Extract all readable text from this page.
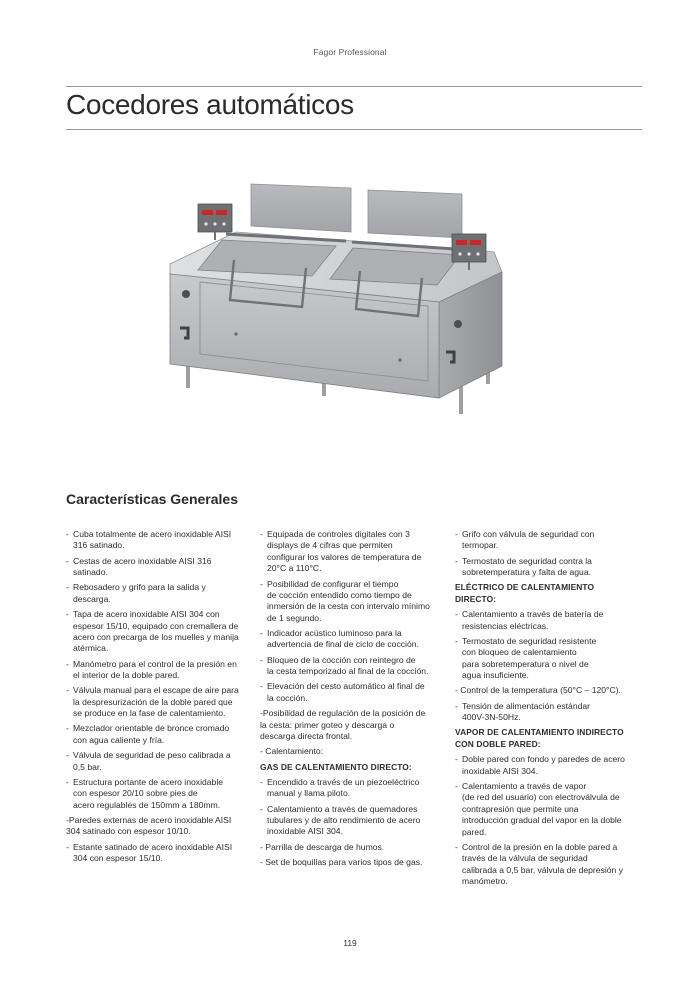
Fagor Professional
Cocedores automáticos
Características Generales
- Cuba totalmente de acero inoxidable AISI
316 satinado.
- Cestas de acero inoxidable AISI 316
satinado.
- Rebosadero y grifo para la salida y
descarga.
- Tapa de acero inoxidable AISI 304 con
espesor 15/10, equipado con cremallera de
acero con precarga de los muelles y manija
atérmica.
- Manómetro para el control de la presión en
el interior de la doble pared.
- Válvula manual para el escape de aire para
la despresurización de la doble pared que
se produce en la fase de calentamiento.
- Mezclador orientable de bronce cromado
con agua caliente y fría.
- Válvula de seguridad de peso calibrada a
0,5 bar.
- Estructura portante de acero inoxidable
con espesor 20/10 sobre pies de
acero regulables de 150mm a 180mm.
-Paredes externas de acero inoxidable AISI
304 satinado con espesor 10/10.
- Estante satinado de acero inoxidable AISI
304 con espesor 15/10.
- Equipada de controles digitales con 3
displays de 4 cifras que permiten
configurar los valores de temperatura de
20°C a 110°C.
- Posibilidad de configurar el tiempo
de cocción entendido como tiempo de
inmersión de la cesta con intervalo mínimo
de 1 segundo.
- Indicador acústico luminoso para la
advertencia de final de ciclo de cocción.
- Bloqueo de la cocción con reintegro de
la cesta temporizado al final de la cocción.
- Elevación del cesto automático al final de
la cocción.
-Posibilidad de regulación de la posición de
la cesta: primer goteo y descarga o
descarga directa frontal.
- Calentamiento:
GAS DE CALENTAMIENTO DIRECTO:
- Encendido a través de un piezoeléctrico
manual y llama piloto.
- Calentamiento a través de quemadores
tubulares y de alto rendimiento de acero
inoxidable AISI 304.
- Parrilla de descarga de humos.
- Set de boquillas para varios tipos de gas.
- Grifo con válvula de seguridad con
termopar.
- Termostato de seguridad contra la
sobretemperatura y falta de agua.
ELÉCTRICO DE CALENTAMIENTO
DIRECTO:
- Calentamiento a través de batería de
resistencias eléctricas.
- Termostato de seguridad resistente
con bloqueo de calentamiento
para sobretemperatura o nivel de
agua insuficiente.
- Control de la temperatura (50°C – 120°C).
- Tensión de alimentación estándar
400V-3N-50Hz.
VAPOR DE CALENTAMIENTO INDIRECTO
CON DOBLE PARED:
- Doble pared con fondo y paredes de acero
inoxidable AISI 304.
- Calentamiento a través de vapor
(de red del usuario) con electroválvula de
contrapresión que permite una
introducción gradual del vapor en la doble
pared.
- Control de la presión en la doble pared a
través de la válvula de seguridad
calibrada a 0,5 bar, válvula de depresión y
manómetro.
119
